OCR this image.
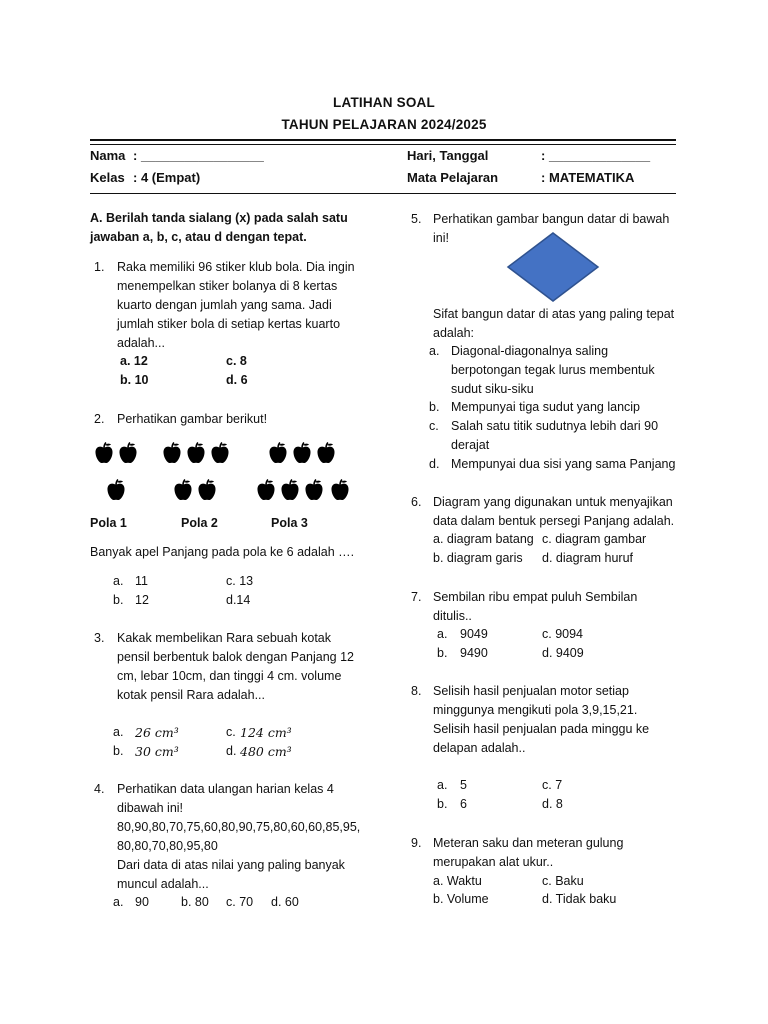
LATIHAN SOAL
TAHUN PELAJARAN 2024/2025
Nama : _________________
Kelas : 4 (Empat)
Hari, Tanggal	: ______________
Mata Pelajaran	: MATEMATIKA
A. Berilah tanda sialang (x) pada salah satu
jawaban a, b, c, atau d dengan tepat.
1. Raka memiliki 96 stiker klub bola. Dia ingin
menempelkan stiker bolanya di 8 kertas
kuarto dengan jumlah yang sama. Jadi
jumlah stiker bola di setiap kertas kuarto
adalah...
a. 12
b. 10
c. 8
d. 6
2. Perhatikan gambar berikut!
Pola 1	Pola 2	Pola 3
Banyak apel Panjang pada pola ke 6 adalah ….
a. 11
b. 12
c. 13
d.14
3. Kakak membelikan Rara sebuah kotak
pensil berbentuk balok dengan Panjang 12
cm, lebar 10cm, dan tinggi 4 cm. volume
kotak pensil Rara adalah...
a. 26 cm³
b. 30 cm³
c. 124 cm³
d. 480 cm³
4. Perhatikan data ulangan harian kelas 4
dibawah ini!
80,90,80,70,75,60,80,90,75,80,60,60,85,95,
80,80,70,80,95,80
Dari data di atas nilai yang paling banyak
muncul adalah...
a. 90	b. 80 c. 70 d. 60
5. Perhatikan gambar bangun datar di bawah
ini!
Sifat bangun datar di atas yang paling tepat
adalah:
a. Diagonal-diagonalnya saling
berpotongan tegak lurus membentuk
sudut siku-siku
b. Mempunyai tiga sudut yang lancip
c. Salah satu titik sudutnya lebih dari 90
derajat
d. Mempunyai dua sisi yang sama Panjang
6. Diagram yang digunakan untuk menyajikan
data dalam bentuk persegi Panjang adalah.
a. diagram batang c. diagram gambar
b. diagram garis d. diagram huruf
7. Sembilan ribu empat puluh Sembilan
ditulis..
a. 9049	c. 9094
b. 9490	d. 9409
8. Selisih hasil penjualan motor setiap
minggunya mengikuti pola 3,9,15,21.
Selisih hasil penjualan pada minggu ke
delapan adalah..
a. 5	c. 7
b. 6	d. 8
9. Meteran saku dan meteran gulung
merupakan alat ukur..
a. Waktu	c. Baku
b. Volume	d. Tidak baku
